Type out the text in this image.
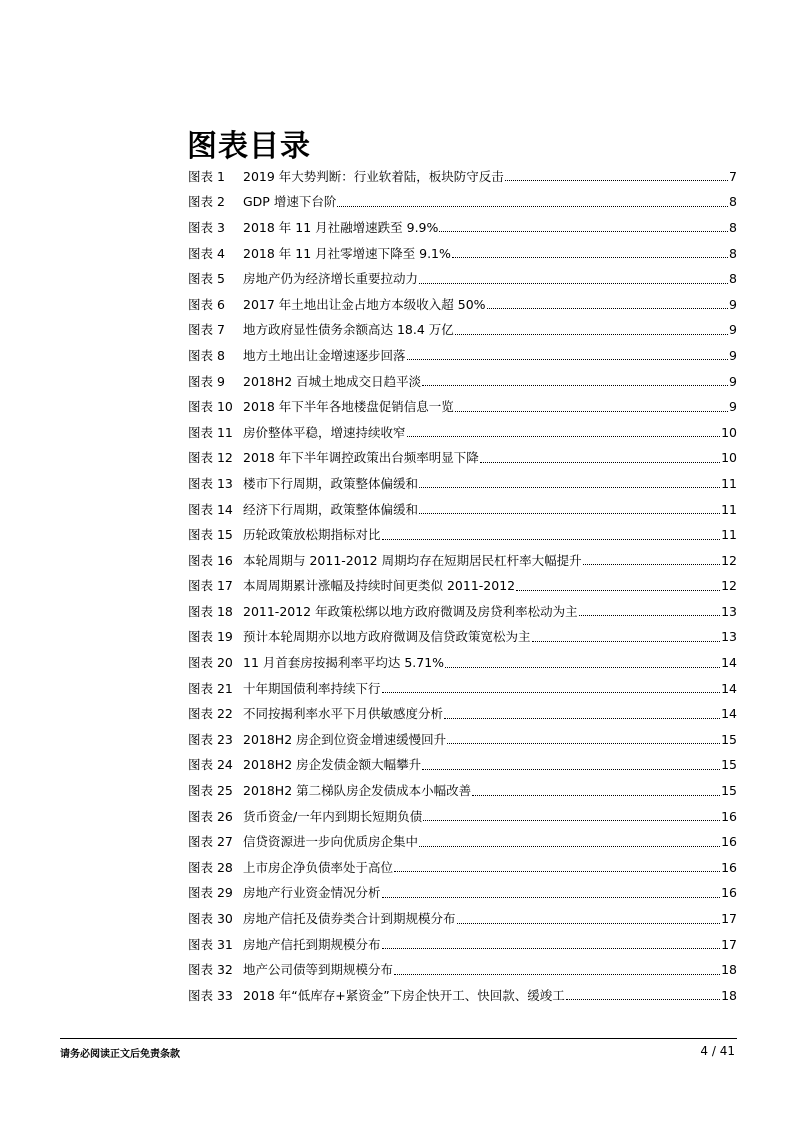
图表目录
图表 1	2019 年大势判断：行业软着陆，板块防守反击	7
图表 2	GDP 增速下台阶	8
图表 3	2018 年 11 月社融增速跌至 9.9%	8
图表 4	2018 年 11 月社零增速下降至 9.1%	8
图表 5	房地产仍为经济增长重要拉动力	8
图表 6	2017 年土地出让金占地方本级收入超 50%	9
图表 7	地方政府显性债务余额高达 18.4 万亿	9
图表 8	地方土地出让金增速逐步回落	9
图表 9	2018H2 百城土地成交日趋平淡	9
图表 10 2018 年下半年各地楼盘促销信息一览	9
图表 11 房价整体平稳，增速持续收窄	10
图表 12 2018 年下半年调控政策出台频率明显下降	10
图表 13 楼市下行周期，政策整体偏缓和	11
图表 14 经济下行周期，政策整体偏缓和	11
图表 15 历轮政策放松期指标对比	11
图表 16 本轮周期与 2011-2012 周期均存在短期居民杠杆率大幅提升	12
图表 17 本周周期累计涨幅及持续时间更类似 2011-2012	12
图表 18 2011-2012 年政策松绑以地方政府微调及房贷利率松动为主	13
图表 19 预计本轮周期亦以地方政府微调及信贷政策宽松为主	13
图表 20 11 月首套房按揭利率平均达 5.71%	14
图表 21 十年期国债利率持续下行	14
图表 22 不同按揭利率水平下月供敏感度分析	14
图表 23 2018H2 房企到位资金增速缓慢回升	15
图表 24 2018H2 房企发债金额大幅攀升	15
图表 25 2018H2 第二梯队房企发债成本小幅改善	15
图表 26 货币资金/一年内到期长短期负债	16
图表 27 信贷资源进一步向优质房企集中	16
图表 28 上市房企净负债率处于高位	16
图表 29 房地产行业资金情况分析	16
图表 30 房地产信托及债券类合计到期规模分布	17
图表 31 房地产信托到期规模分布	17
图表 32 地产公司债等到期规模分布	18
图表 33 2018 年“低库存+紧资金”下房企快开工、快回款、缓竣工	18
请务必阅读正文后免责条款	4 / 41
